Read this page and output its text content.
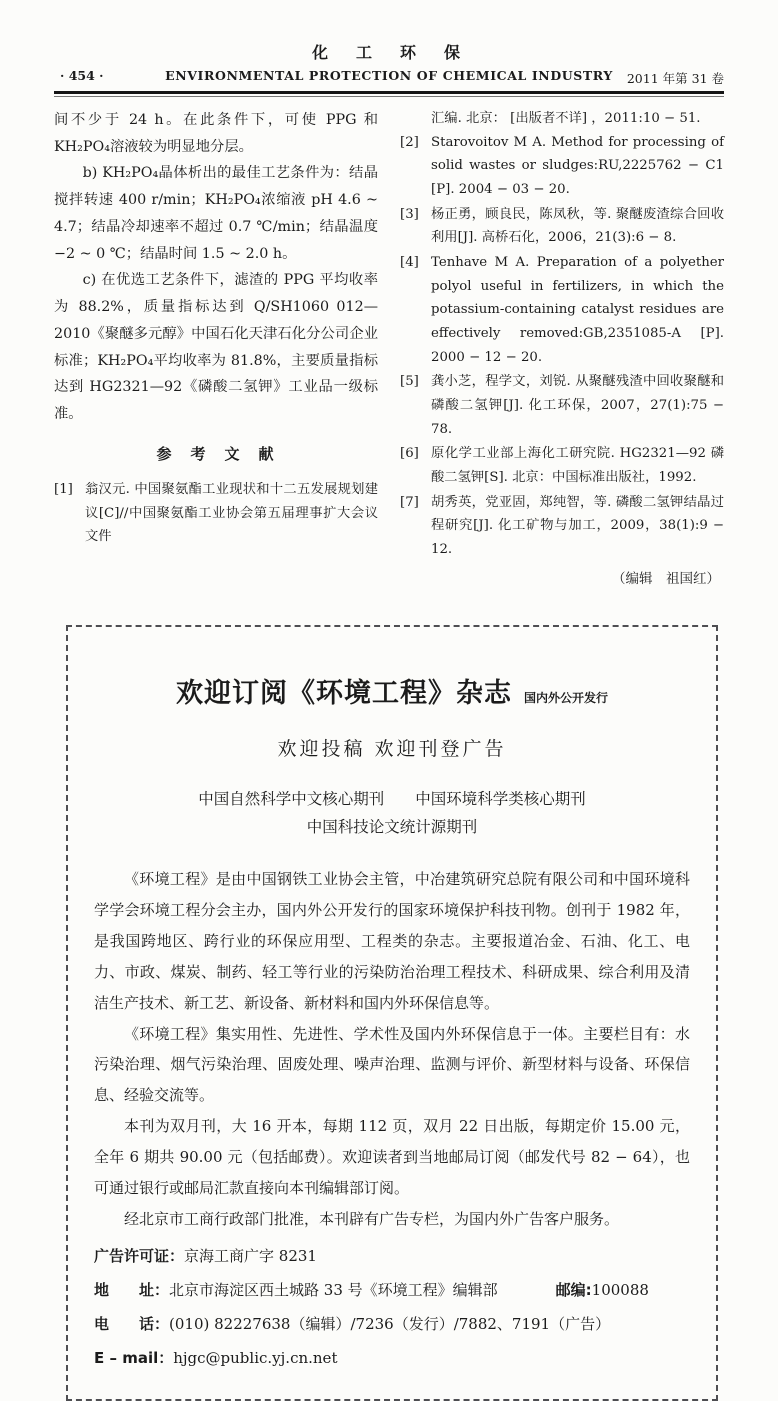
化　工　环　保
· 454 ·	ENVIRONMENTAL PROTECTION OF CHEMICAL INDUSTRY	2011 年第 31 卷

间不少于 24 h。在此条件下，可使 PPG 和 KH₂PO₄溶液较为明显地分层。

b) KH₂PO₄晶体析出的最佳工艺条件为：结晶搅拌转速 400 r/min；KH₂PO₄浓缩液 pH 4.6 ~ 4.7；结晶冷却速率不超过 0.7 ℃/min；结晶温度 −2 ~ 0 ℃；结晶时间 1.5 ~ 2.0 h。

c) 在优选工艺条件下，滤渣的 PPG 平均收率为 88.2%，质量指标达到 Q/SH1060 012—2010《聚醚多元醇》中国石化天津石化分公司企业标准；KH₂PO₄平均收率为 81.8%，主要质量指标达到 HG2321—92《磷酸二氢钾》工业品一级标准。

参　考　文　献
[1] 翁汉元. 中国聚氨酯工业现状和十二五发展规划建议[C]//中国聚氨酯工业协会第五届理事扩大会议文件
汇编. 北京： [出版者不详] ，2011:10 − 51.
[2] Starovoitov M A. Method for processing of solid wastes or sludges:RU,2225762 − C1 [P]. 2004 − 03 − 20.
[3] 杨正勇，顾良民，陈凤秋，等. 聚醚废渣综合回收利用[J]. 高桥石化，2006，21(3):6 − 8.
[4] Tenhave M A. Preparation of a polyether polyol useful in fertilizers, in which the potassium-containing catalyst residues are effectively removed:GB,2351085-A [P]. 2000 − 12 − 20.
[5] 龚小芝，程学文，刘锐. 从聚醚残渣中回收聚醚和磷酸二氢钾[J]. 化工环保，2007，27(1):75 − 78.
[6] 原化学工业部上海化工研究院. HG2321—92 磷酸二氢钾[S]. 北京：中国标准出版社，1992.
[7] 胡秀英，党亚固，郑纯智，等. 磷酸二氢钾结晶过程研究[J]. 化工矿物与加工，2009，38(1):9 − 12.
（编辑　祖国红）
欢迎订阅《环境工程》杂志 国内外公开发行
欢迎投稿 欢迎刊登广告
中国自然科学中文核心期刊　　中国环境科学类核心期刊
中国科技论文统计源期刊

《环境工程》是由中国钢铁工业协会主管，中冶建筑研究总院有限公司和中国环境科学学会环境工程分会主办，国内外公开发行的国家环境保护科技刊物。创刊于 1982 年，是我国跨地区、跨行业的环保应用型、工程类的杂志。主要报道冶金、石油、化工、电力、市政、煤炭、制药、轻工等行业的污染防治治理工程技术、科研成果、综合利用及清洁生产技术、新工艺、新设备、新材料和国内外环保信息等。

《环境工程》集实用性、先进性、学术性及国内外环保信息于一体。主要栏目有：水污染治理、烟气污染治理、固废处理、噪声治理、监测与评价、新型材料与设备、环保信息、经验交流等。

本刊为双月刊，大 16 开本，每期 112 页，双月 22 日出版，每期定价 15.00 元，全年 6 期共 90.00 元（包括邮费）。欢迎读者到当地邮局订阅（邮发代号 82 − 64），也可通过银行或邮局汇款直接向本刊编辑部订阅。

经北京市工商行政部门批准，本刊辟有广告专栏，为国内外广告客户服务。

广告许可证：京海工商广字 8231
地　　址：北京市海淀区西土城路 33 号《环境工程》编辑部	邮编:100088
电　　话：(010) 82227638（编辑）/7236（发行）/7882、7191（广告）
E – mail：hjgc@public.yj.cn.net
